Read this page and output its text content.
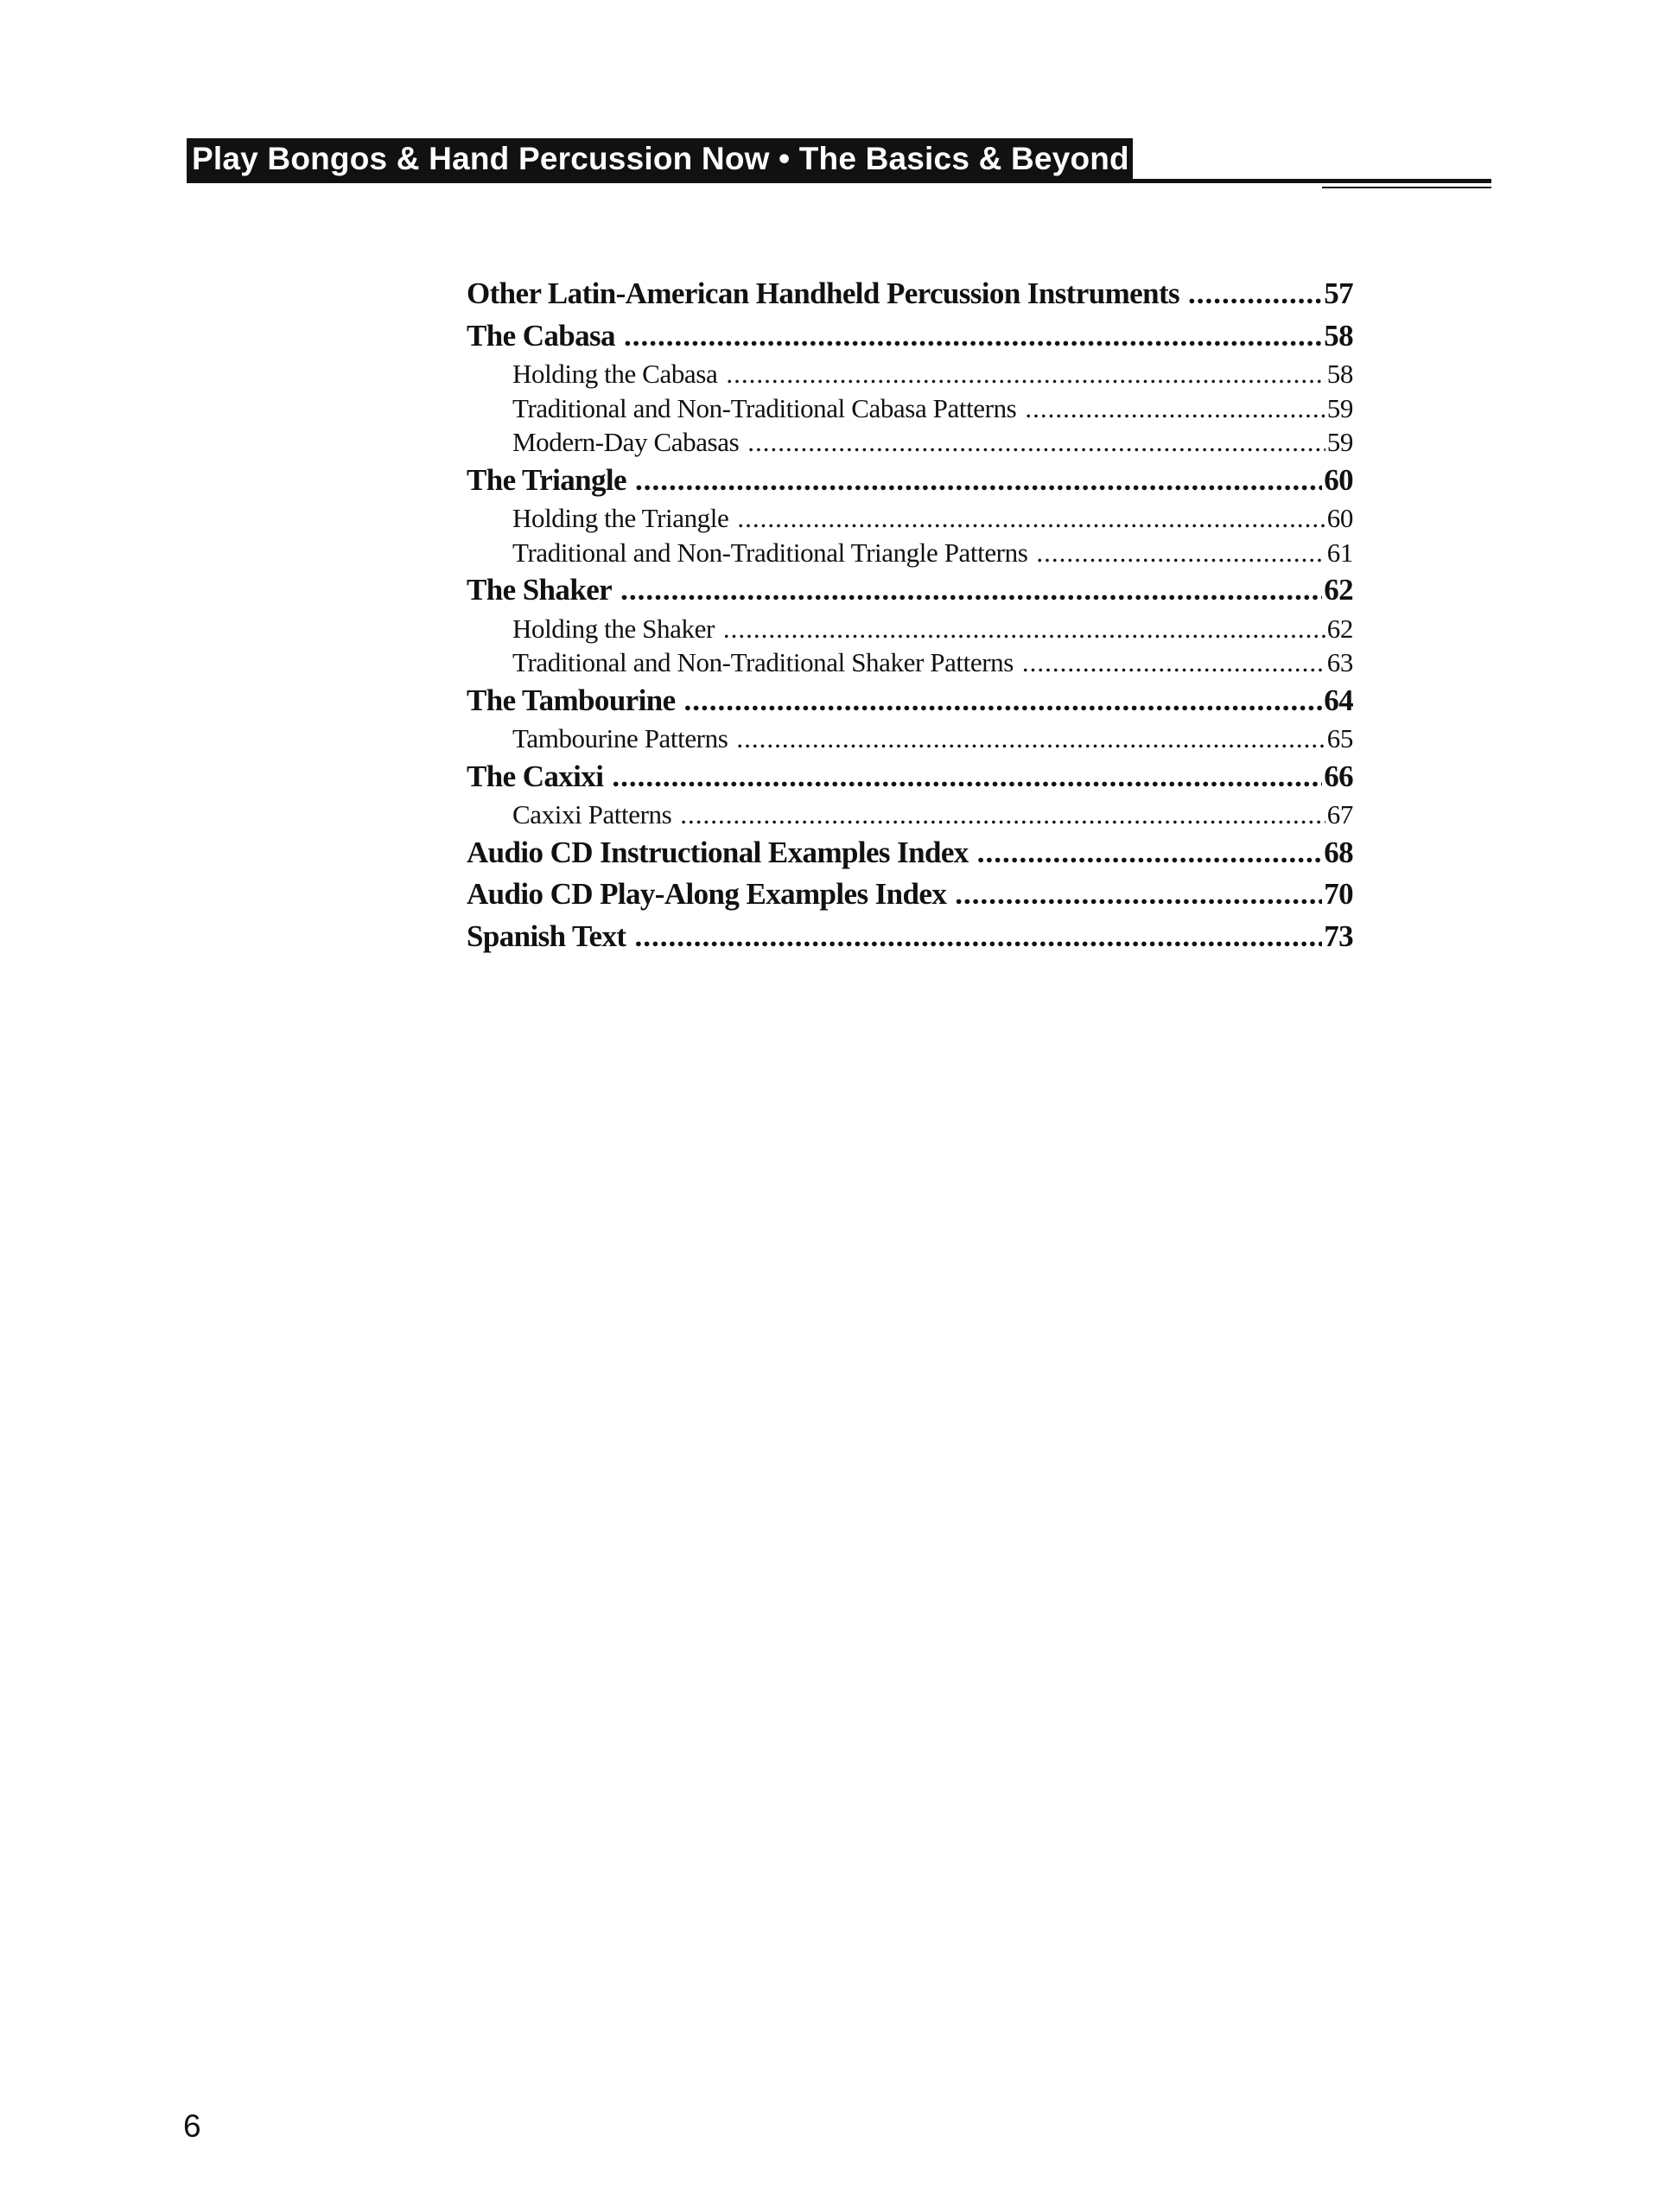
Play Bongos & Hand Percussion Now • The Basics & Beyond
Other Latin-American Handheld Percussion Instruments .....	57
The Cabasa .....	58
Holding the Cabasa .....	58
Traditional and Non-Traditional Cabasa Patterns .....	59
Modern-Day Cabasas .....	59
The Triangle .....	60
Holding the Triangle .....	60
Traditional and Non-Traditional Triangle Patterns .....	61
The Shaker .....	62
Holding the Shaker .....	62
Traditional and Non-Traditional Shaker Patterns .....	63
The Tambourine .....	64
Tambourine Patterns .....	65
The Caxixi .....	66
Caxixi Patterns .....	67
Audio CD Instructional Examples Index .....	68
Audio CD Play-Along Examples Index .....	70
Spanish Text .....	73
6
